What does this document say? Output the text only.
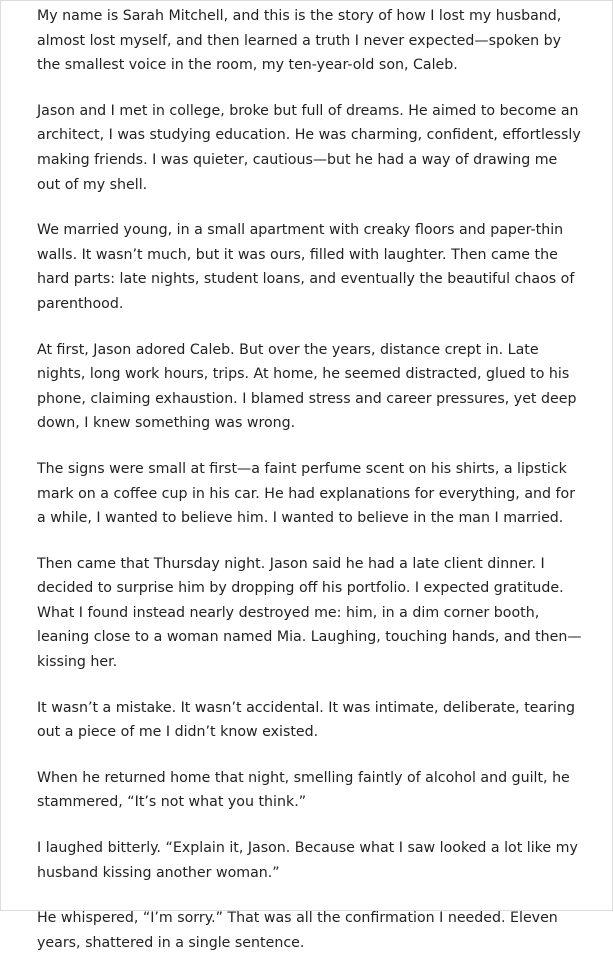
My name is Sarah Mitchell, and this is the story of how I lost my husband, almost lost myself, and then learned a truth I never expected—spoken by the smallest voice in the room, my ten-year-old son, Caleb.

Jason and I met in college, broke but full of dreams. He aimed to become an architect, I was studying education. He was charming, confident, effortlessly making friends. I was quieter, cautious—but he had a way of drawing me out of my shell.

We married young, in a small apartment with creaky floors and paper-thin walls. It wasn’t much, but it was ours, filled with laughter. Then came the hard parts: late nights, student loans, and eventually the beautiful chaos of parenthood.

At first, Jason adored Caleb. But over the years, distance crept in. Late nights, long work hours, trips. At home, he seemed distracted, glued to his phone, claiming exhaustion. I blamed stress and career pressures, yet deep down, I knew something was wrong.

The signs were small at first—a faint perfume scent on his shirts, a lipstick mark on a coffee cup in his car. He had explanations for everything, and for a while, I wanted to believe him. I wanted to believe in the man I married.

Then came that Thursday night. Jason said he had a late client dinner. I decided to surprise him by dropping off his portfolio. I expected gratitude. What I found instead nearly destroyed me: him, in a dim corner booth, leaning close to a woman named Mia. Laughing, touching hands, and then—kissing her.

It wasn’t a mistake. It wasn’t accidental. It was intimate, deliberate, tearing out a piece of me I didn’t know existed.

When he returned home that night, smelling faintly of alcohol and guilt, he stammered, “It’s not what you think.”

I laughed bitterly. “Explain it, Jason. Because what I saw looked a lot like my husband kissing another woman.”

He whispered, “I’m sorry.” That was all the confirmation I needed. Eleven years, shattered in a single sentence.
